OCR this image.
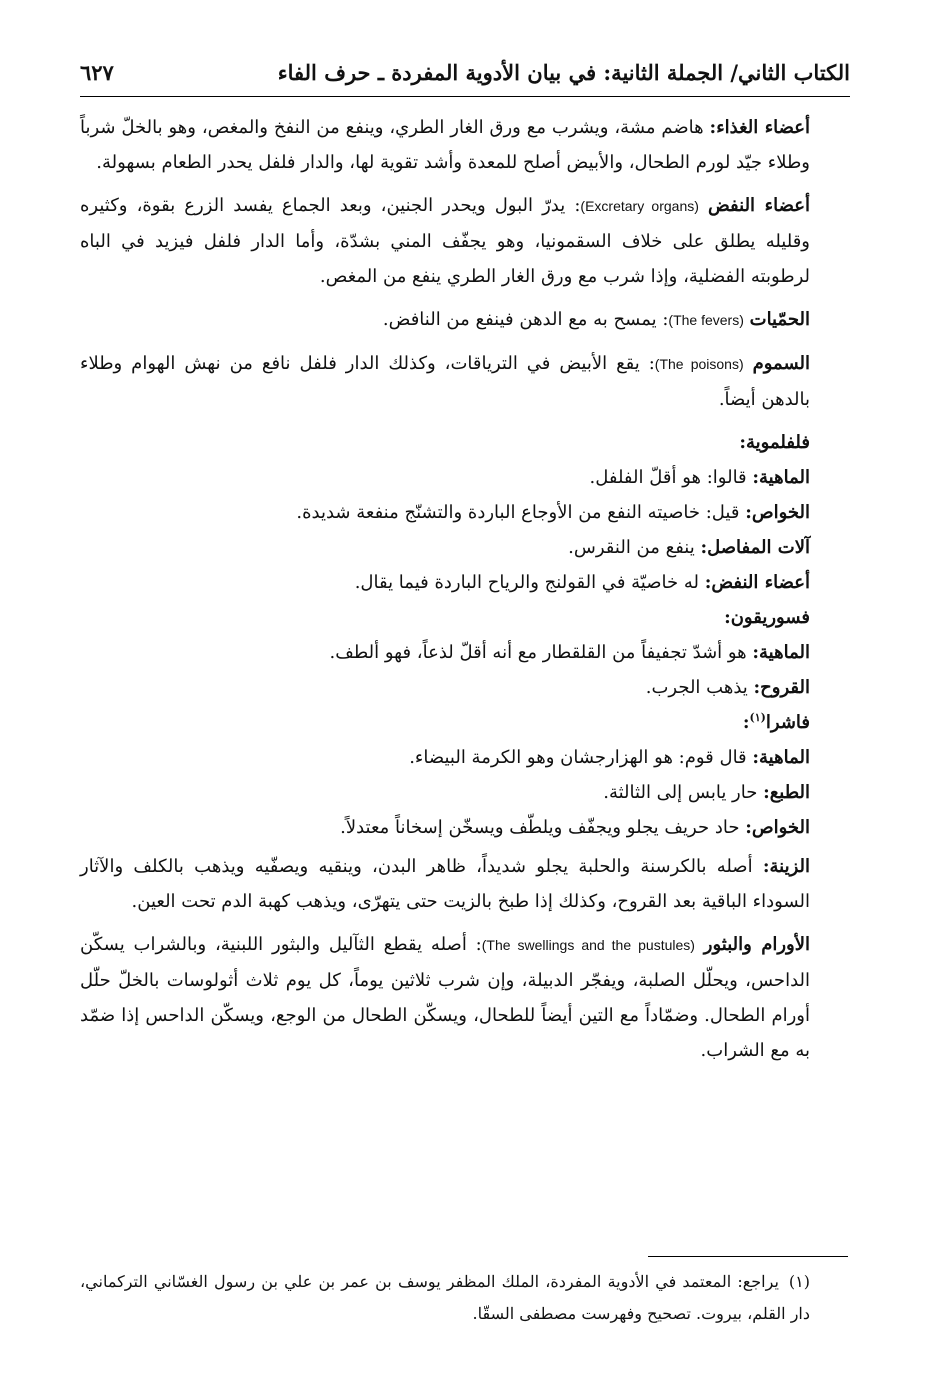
٦٢٧	الكتاب الثاني/ الجملة الثانية: في بيان الأدوية المفردة ـ حرف الفاء

أعضاء الغذاء: هاضم مشة، ويشرب مع ورق الغار الطري، وينفع من النفخ والمغص، وهو بالخلّ شرباً وطلاء جيّد لورم الطحال، والأبيض أصلح للمعدة وأشد تقوية لها، والدار فلفل يحدر الطعام بسهولة.

أعضاء النفض (Excretary organs): يدرّ البول ويحدر الجنين، وبعد الجماع يفسد الزرع بقوة، وكثيره وقليله يطلق على خلاف السقمونيا، وهو يجفّف المني بشدّة، وأما الدار فلفل فيزيد في الباه لرطوبته الفضلية، وإذا شرب مع ورق الغار الطري ينفع من المغص.

الحمّيات (The fevers): يمسح به مع الدهن فينفع من النافض.

السموم (The poisons): يقع الأبيض في الترياقات، وكذلك الدار فلفل نافع من نهش الهوام وطلاء بالدهن أيضاً.

فلفلموية:

الماهية: قالوا: هو أقلّ الفلفل.

الخواص: قيل: خاصيته النفع من الأوجاع الباردة والتشنّج منفعة شديدة.

آلات المفاصل: ينفع من النقرس.

أعضاء النفض: له خاصيّة في القولنج والرياح الباردة فيما يقال.

فسوريقون:

الماهية: هو أشدّ تجفيفاً من القلقطار مع أنه أقلّ لذعاً، فهو ألطف.

القروح: يذهب الجرب.

فاشرا$^{(١)}$:

الماهية: قال قوم: هو الهزارجشان وهو الكرمة البيضاء.

الطبع: حار يابس إلى الثالثة.

الخواص: حاد حريف يجلو ويجفّف ويلطّف ويسخّن إسخاناً معتدلاً.

الزينة: أصله بالكرسنة والحلبة يجلو شديداً، ظاهر البدن، وينقيه ويصفّيه ويذهب بالكلف والآثار السوداء الباقية بعد القروح، وكذلك إذا طبخ بالزيت حتى يتهرّى، ويذهب كهبة الدم تحت العين.

الأورام والبثور (The swellings and the pustules): أصله يقطع الثآليل والبثور اللبنية، وبالشراب يسكّن الداحس، ويحلّل الصلبة، ويفجّر الدبيلة، وإن شرب ثلاثين يوماً، كل يوم ثلاث أثولوسات بالخلّ حلّل أورام الطحال. وضمّاداً مع التين أيضاً للطحال، ويسكّن الطحال من الوجع، ويسكّن الداحس إذا ضمّد به مع الشراب.

(١)يراجع: المعتمد في الأدوية المفردة، الملك المظفر يوسف بن عمر بن علي بن رسول الغسّاني التركماني، دار القلم، بيروت. تصحيح وفهرست مصطفى السقّا.
